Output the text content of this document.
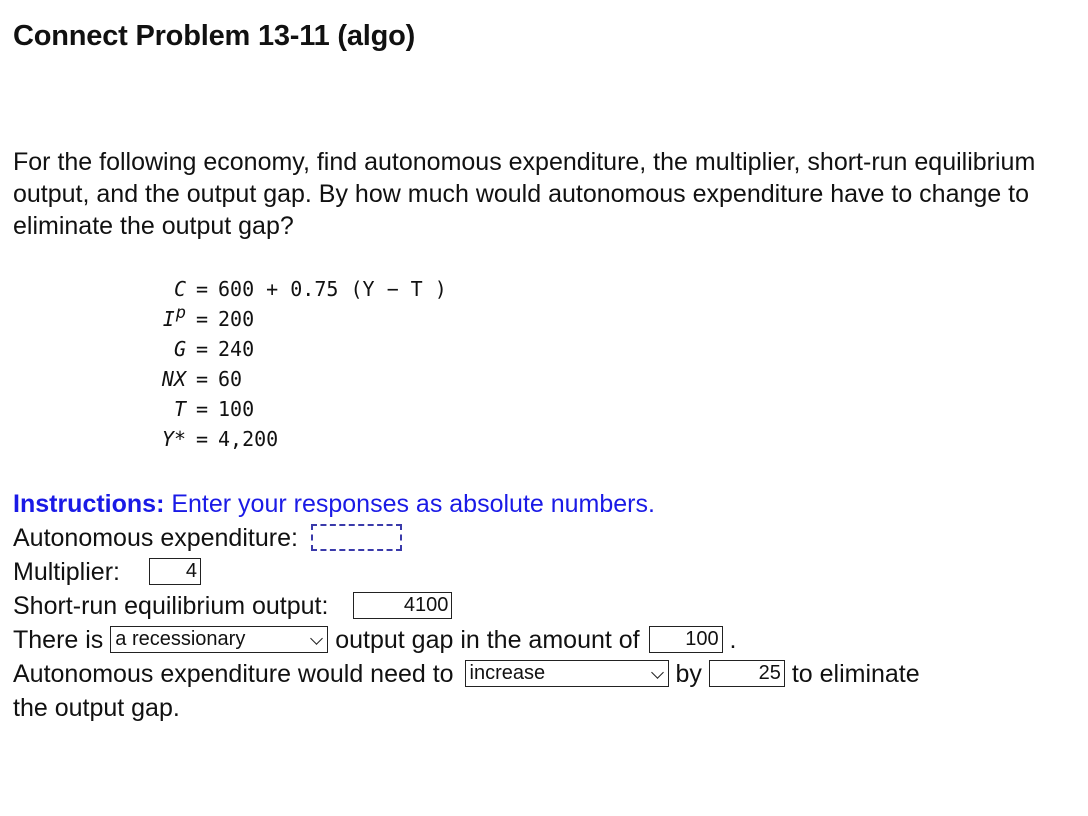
Connect Problem 13-11 (algo)
For the following economy, find autonomous expenditure, the multiplier, short-run equilibrium output, and the output gap. By how much would autonomous expenditure have to change to eliminate the output gap?
C	=	600 + 0.75 (Y − T )
$I^p$	=	200
G	=	240
NX	=	60
T	=	100
Y*	=	4,200
Instructions: Enter your responses as absolute numbers.
Autonomous expenditure:
Multiplier:	4
Short-run equilibrium output:	4100
There is a recessionary	output gap in the amount of 100 .
Autonomous expenditure would need to increase	by	25 to eliminate
the output gap.
